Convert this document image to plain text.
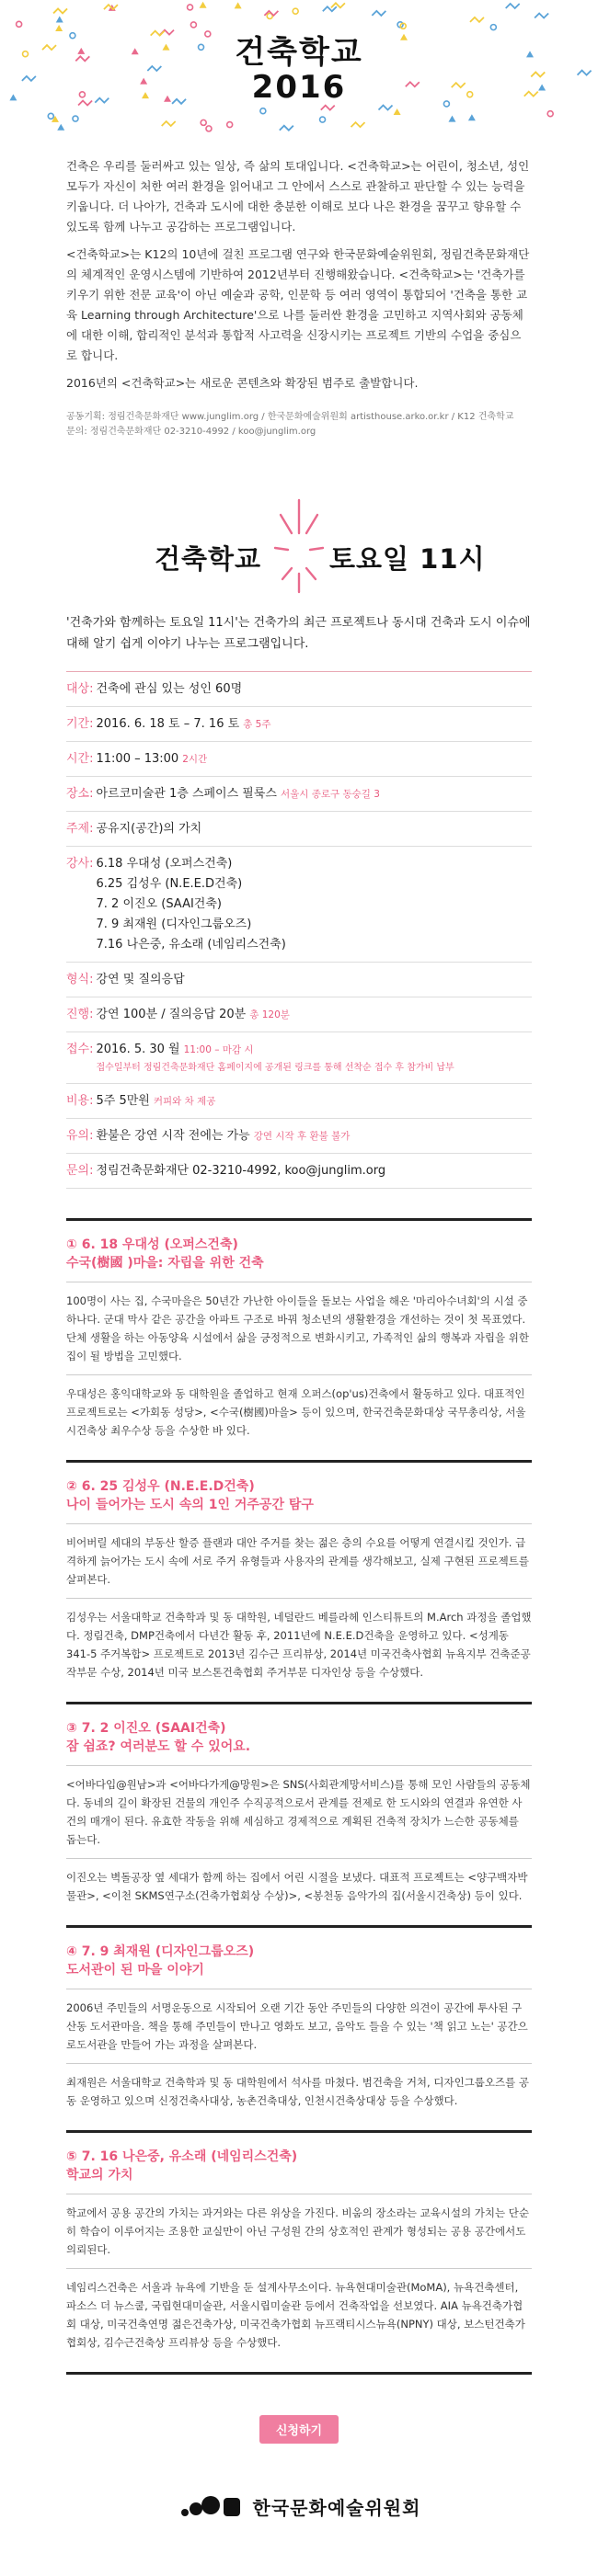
건축학교
2016

건축은 우리를 둘러싸고 있는 일상, 즉 삶의 토대입니다. <건축학교>는 어린이, 청소년, 성인 모두가 자신이 처한 여러 환경을 읽어내고 그 안에서 스스로 관찰하고 판단할 수 있는 능력을 키웁니다. 더 나아가, 건축과 도시에 대한 충분한 이해로 보다 나은 환경을 꿈꾸고 향유할 수 있도록 함께 나누고 공감하는 프로그램입니다.

<건축학교>는 K12의 10년에 걸친 프로그램 연구와 한국문화예술위원회, 정림건축문화재단의 체계적인 운영시스템에 기반하여 2012년부터 진행해왔습니다. <건축학교>는 '건축가를 키우기 위한 전문 교육'이 아닌 예술과 공학, 인문학 등 여러 영역이 통합되어 '건축을 통한 교육 Learning through Architecture'으로 나를 둘러싼 환경을 고민하고 지역사회와 공동체에 대한 이해, 합리적인 분석과 통합적 사고력을 신장시키는 프로젝트 기반의 수업을 중심으로 합니다.

2016년의 <건축학교>는 새로운 콘텐츠와 확장된 범주로 출발합니다.

공동기획: 정림건축문화재단 www.junglim.org / 한국문화예술위원회 artisthouse.arko.or.kr / K12 건축학교
문의: 정림건축문화재단 02-3210-4992 / koo@junglim.org
건축학교	토요일 11시
'건축가와 함께하는 토요일 11시'는 건축가의 최근 프로젝트나 동시대 건축과 도시 이슈에 대해 알기 쉽게 이야기 나누는 프로그램입니다.
대상: 건축에 관심 있는 성인 60명
기간: 2016. 6. 18 토 – 7. 16 토 총 5주
시간: 11:00 – 13:00 2시간
장소: 아르코미술관 1층 스페이스 필룩스 서울시 종로구 동숭길 3
주제: 공유지(공간)의 가치
강사: 6.18 우대성 (오퍼스건축)
6.25 김성우 (N.E.E.D건축)
7. 2 이진오 (SAAI건축)
7. 9 최재원 (디자인그룹오즈)
7.16 나은중, 유소래 (네임리스건축)
형식: 강연 및 질의응답
진행: 강연 100분 / 질의응답 20분 총 120분
접수: 2016. 5. 30 월 11:00 – 마감 시
접수일부터 정림건축문화재단 홈페이지에 공개된 링크를 통해 선착순 접수 후 참가비 납부
비용: 5주 5만원 커피와 차 제공
유의: 환불은 강연 시작 전에는 가능 강연 시작 후 환불 불가
문의: 정림건축문화재단 02-3210-4992, koo@junglim.org
① 6. 18 우대성 (오퍼스건축)
수국(樹國 )마을: 자립을 위한 건축

100명이 사는 집, 수국마을은 50년간 가난한 아이들을 돌보는 사업을 해온 '마리아수녀회'의 시설 중 하나다. 군대 막사 같은 공간을 아파트 구조로 바꿔 청소년의 생활환경을 개선하는 것이 첫 목표였다. 단체 생활을 하는 아동양육 시설에서 삶을 긍정적으로 변화시키고, 가족적인 삶의 행복과 자립을 위한 집이 될 방법을 고민했다.

우대성은 홍익대학교와 동 대학원을 졸업하고 현재 오퍼스(op'us)건축에서 활동하고 있다. 대표적인 프로젝트로는 <가회동 성당>, <수국(樹國)마을> 등이 있으며, 한국건축문화대상 국무총리상, 서울시건축상 최우수상 등을 수상한 바 있다.

② 6. 25 김성우 (N.E.E.D건축)
나이 들어가는 도시 속의 1인 거주공간 탐구

비어버릴 세대의 부동산 할증 플랜과 대안 주거를 찾는 젊은 층의 수요를 어떻게 연결시킬 것인가. 급격하게 늙어가는 도시 속에 서로 주거 유형들과 사용자의 관계를 생각해보고, 실제 구현된 프로젝트를 살펴본다.

김성우는 서울대학교 건축학과 및 동 대학원, 네덜란드 베를라헤 인스티튜트의 M.Arch 과정을 졸업했다. 정림건축, DMP건축에서 다년간 활동 후, 2011년에 N.E.E.D건축을 운영하고 있다. <성게동 341-5 주거복합> 프로젝트로 2013년 김수근 프리뷰상, 2014년 미국건축사협회 뉴욕지부 건축준공작부문 수상, 2014년 미국 보스톤건축협회 주거부문 디자인상 등을 수상했다.

③ 7. 2 이진오 (SAAI건축)
잠 쉼죠? 여러분도 할 수 있어요.

<어바다입@원남>과 <어바다가게@망원>은 SNS(사회관계망서비스)를 통해 모인 사람들의 공동체다. 동네의 길이 확장된 건물의 개인주 수직공적으로서 관계를 전제로 한 도시와의 연결과 유연한 사건의 매개이 된다. 유효한 작동을 위해 세심하고 경제적으로 계획된 건축적 장치가 느슨한 공동체를 돕는다.

이진오는 벽돌공장 옆 세대가 함께 하는 집에서 어린 시절을 보냈다. 대표적 프로젝트는 <양구백자박물관>, <이천 SKMS연구소(건축가협회상 수상)>, <봉천동 음악가의 집(서울시건축상) 등이 있다.

④ 7. 9 최재원 (디자인그룹오즈)
도서관이 된 마을 이야기

2006년 주민들의 서명운동으로 시작되어 오랜 기간 동안 주민들의 다양한 의견이 공간에 투사된 구산동 도서관마을. 책을 통해 주민들이 만나고 영화도 보고, 음악도 들을 수 있는 '책 읽고 노는' 공간으로도서관을 만들어 가는 과정을 살펴본다.

최재원은 서울대학교 건축학과 및 동 대학원에서 석사를 마쳤다. 범건축을 거쳐, 디자인그룹오즈를 공동 운영하고 있으며 신정건축사대상, 농촌건축대상, 인천시건축상대상 등을 수상했다.

⑤ 7. 16 나은중, 유소래 (네임리스건축)
학교의 가치

학교에서 공용 공간의 가치는 과거와는 다른 위상을 가진다. 비움의 장소라는 교육시설의 가치는 단순히 학습이 이루어지는 조용한 교실만이 아닌 구성원 간의 상호적인 관계가 형성되는 공용 공간에서도 의뢰된다.

네임리스건축은 서울과 뉴욕에 기반을 둔 설계사무소이다. 뉴욕현대미술관(MoMA), 뉴욕건축센터, 파소스 더 뉴스쿨, 국립현대미술관, 서울시립미술관 등에서 건축작업을 선보였다. AIA 뉴욕건축가협회 대상, 미국건축연명 젊은건축가상, 미국건축가협회 뉴프랙티시스뉴욕(NPNY) 대상, 보스턴건축가협회상, 김수근건축상 프리뷰상 등을 수상했다.

신청하기
한국문화예술위원회
